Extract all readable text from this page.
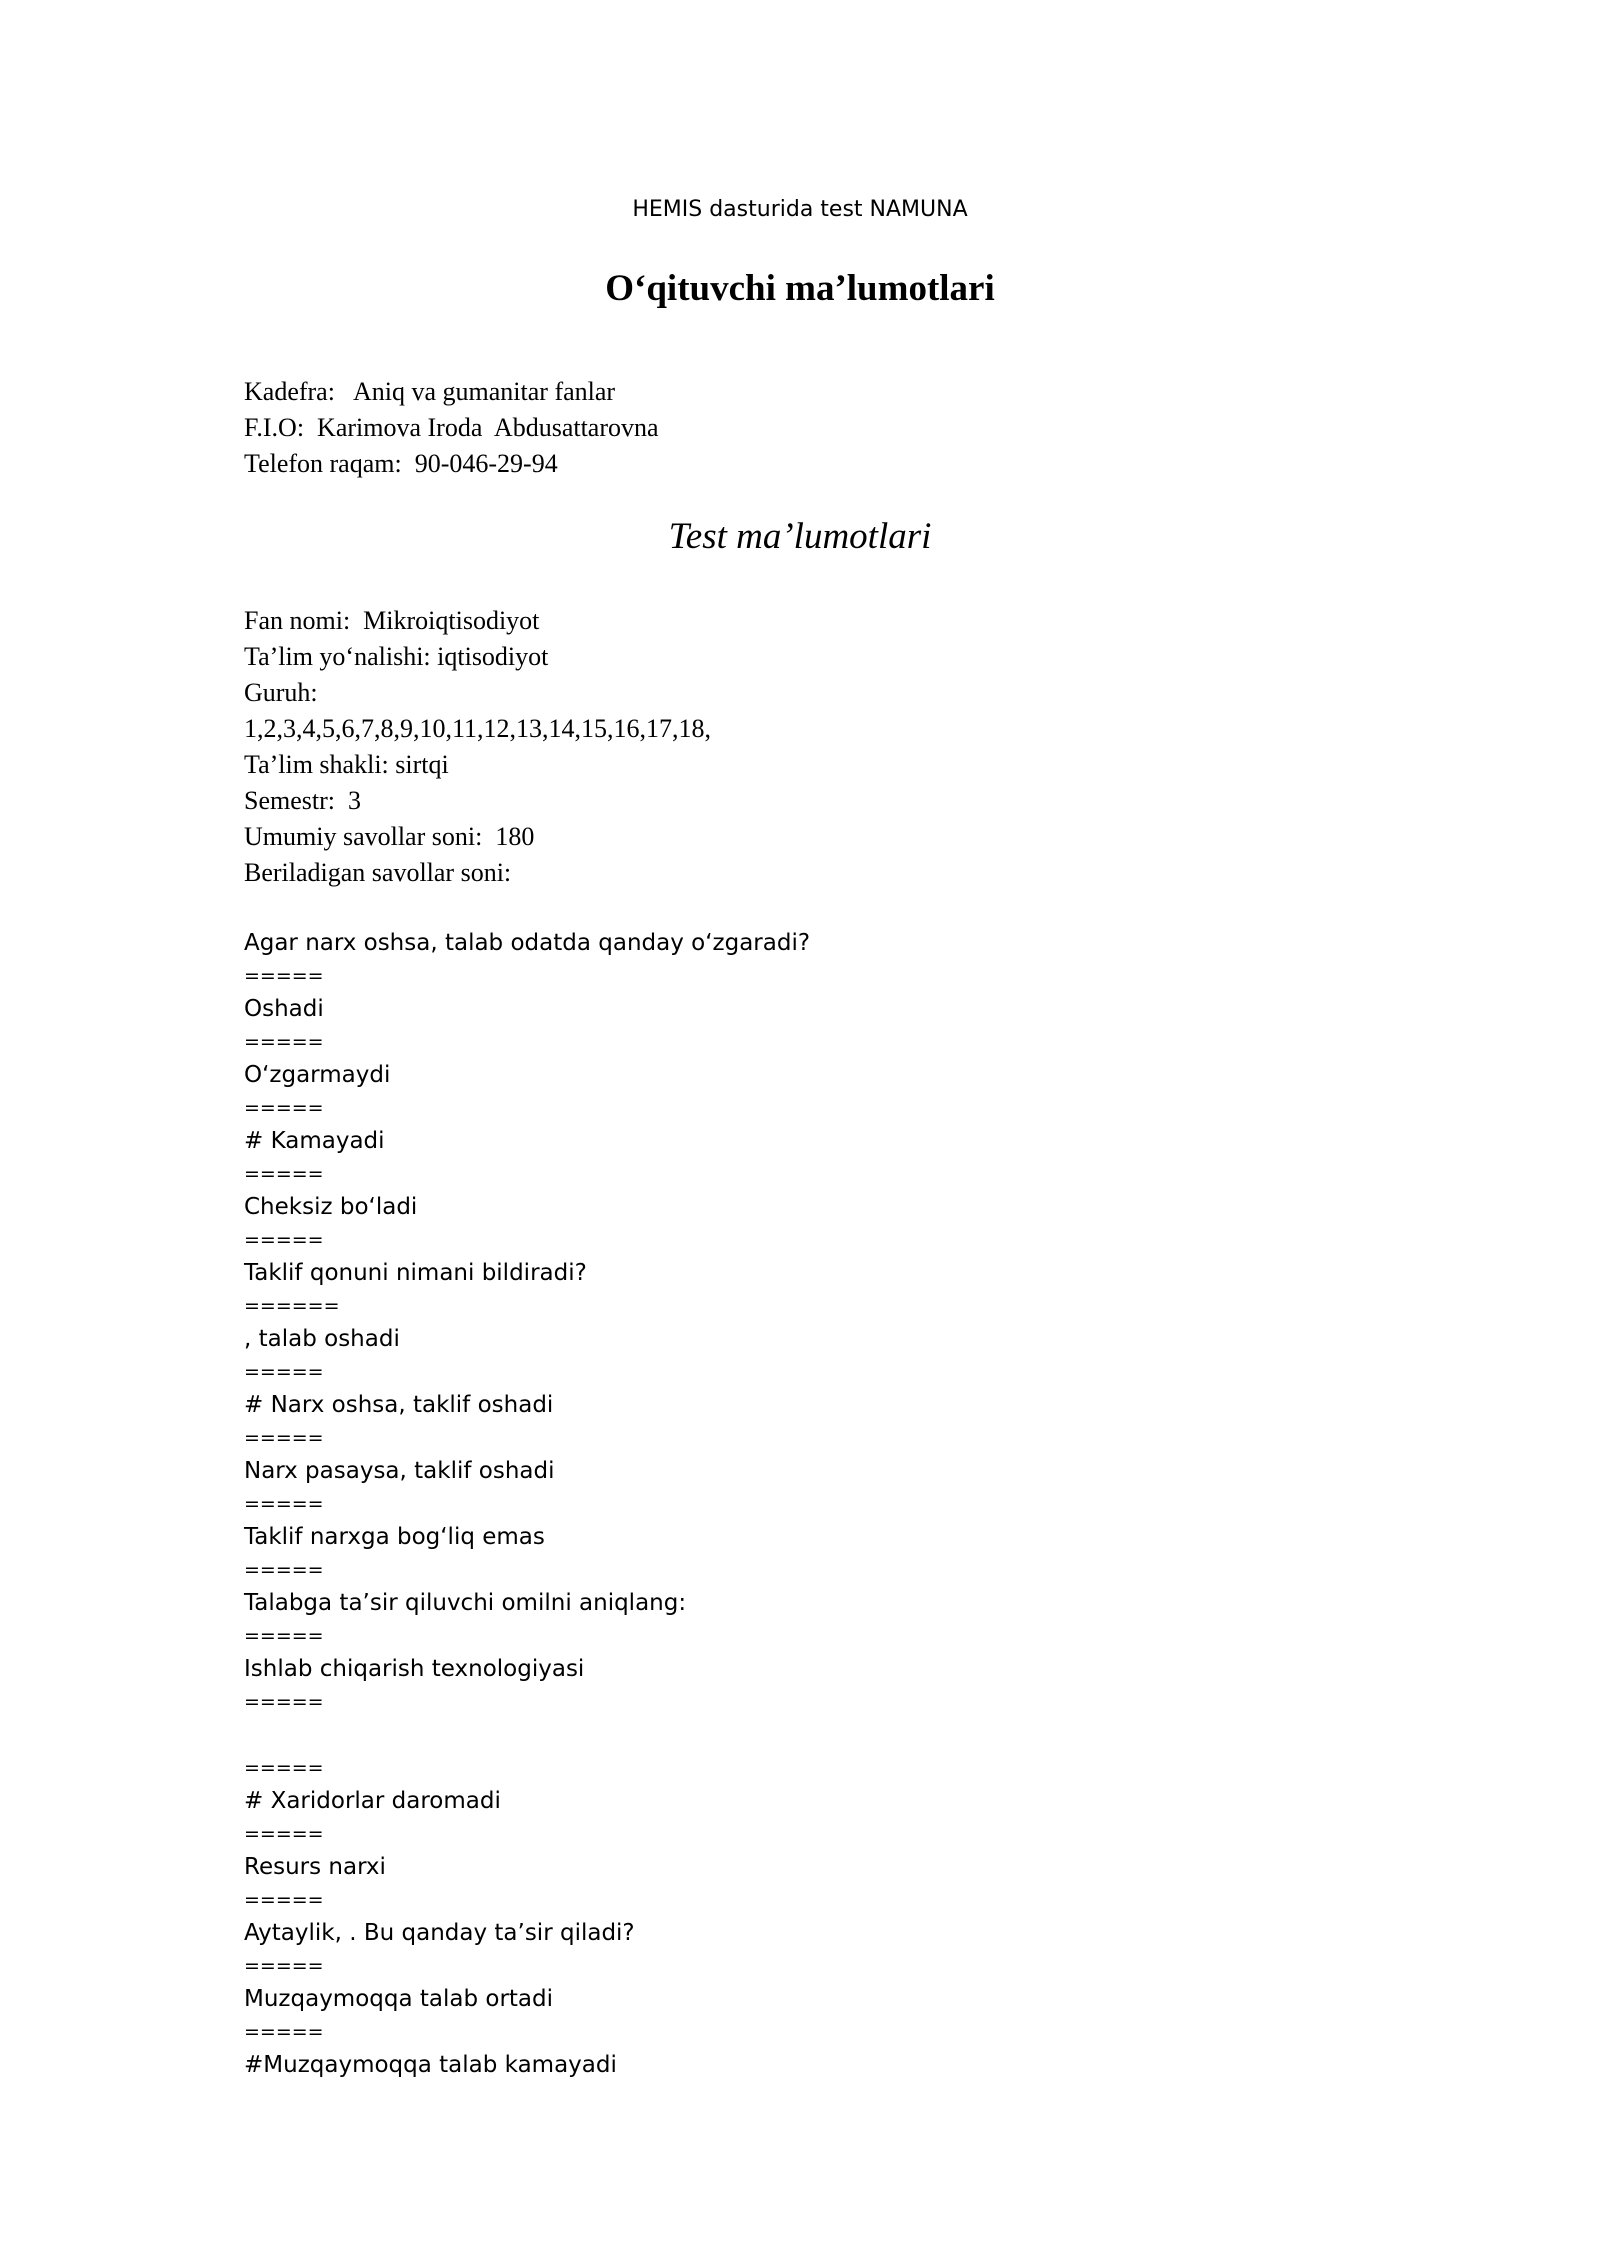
HEMIS dasturida test NAMUNA
O‘qituvchi ma’lumotlari
Kadefra:   Aniq va gumanitar fanlar
F.I.O:  Karimova Iroda  Abdusattarovna
Telefon raqam:  90-046-29-94
Test ma’lumotlari
Fan nomi:  Mikroiqtisodiyot
Ta’lim yo‘nalishi: iqtisodiyot
Guruh:
1,2,3,4,5,6,7,8,9,10,11,12,13,14,15,16,17,18,
Ta’lim shakli: sirtqi
Semestr:  3
Umumiy savollar soni:  180
Beriladigan savollar soni:
Agar narx oshsa, talab odatda qanday o‘zgaradi?
=====
Oshadi
=====
O‘zgarmaydi
=====
# Kamayadi
=====
Cheksiz bo‘ladi
=====
Taklif qonuni nimani bildiradi?
======
, talab oshadi
=====
# Narx oshsa, taklif oshadi
=====
Narx pasaysa, taklif oshadi
=====
Taklif narxga bog‘liq emas
=====
Talabga ta’sir qiluvchi omilni aniqlang:
=====
Ishlab chiqarish texnologiyasi
=====
=====
# Xaridorlar daromadi
=====
Resurs narxi
=====
Aytaylik, . Bu qanday ta’sir qiladi?
=====
Muzqaymoqqa talab ortadi
=====
#Muzqaymoqqa talab kamayadi
